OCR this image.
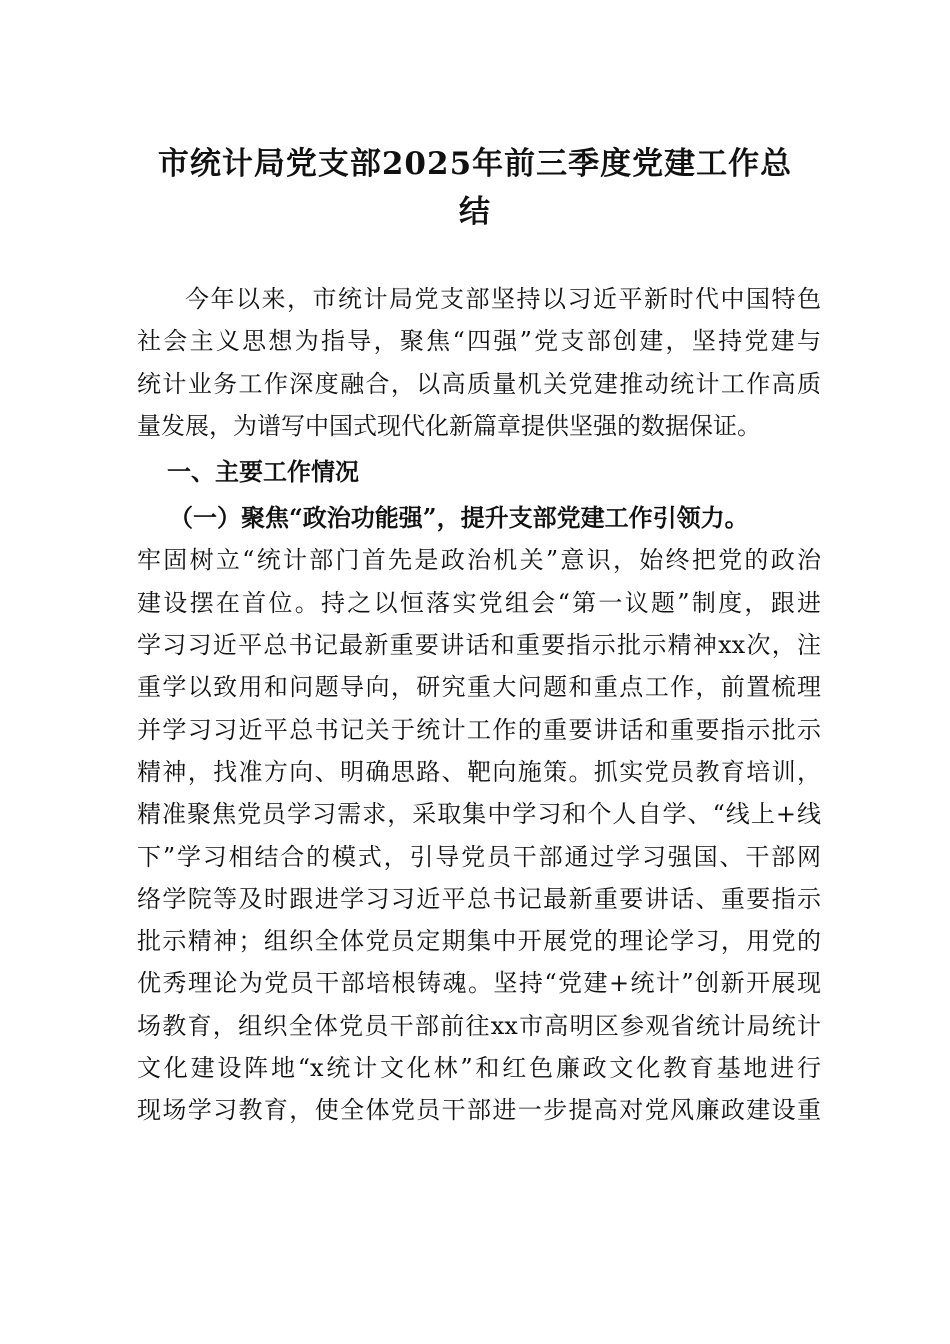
市统计局党支部2025年前三季度党建工作总
结
今年以来，市统计局党支部坚持以习近平新时代中国特色
社会主义思想为指导，聚焦“四强”党支部创建，坚持党建与
统计业务工作深度融合，以高质量机关党建推动统计工作高质
量发展，为谱写中国式现代化新篇章提供坚强的数据保证。
一、主要工作情况
（一）聚焦“政治功能强”，提升支部党建工作引领力。
牢固树立“统计部门首先是政治机关”意识，始终把党的政治
建设摆在首位。持之以恒落实党组会“第一议题”制度，跟进
学习习近平总书记最新重要讲话和重要指示批示精神xx次，注
重学以致用和问题导向，研究重大问题和重点工作，前置梳理
并学习习近平总书记关于统计工作的重要讲话和重要指示批示
精神，找准方向、明确思路、靶向施策。抓实党员教育培训，
精准聚焦党员学习需求，采取集中学习和个人自学、“线上+线
下”学习相结合的模式，引导党员干部通过学习强国、干部网
络学院等及时跟进学习习近平总书记最新重要讲话、重要指示
批示精神；组织全体党员定期集中开展党的理论学习，用党的
优秀理论为党员干部培根铸魂。坚持“党建+统计”创新开展现
场教育，组织全体党员干部前往xx市高明区参观省统计局统计
文化建设阵地“x统计文化林”和红色廉政文化教育基地进行
现场学习教育，使全体党员干部进一步提高对党风廉政建设重
